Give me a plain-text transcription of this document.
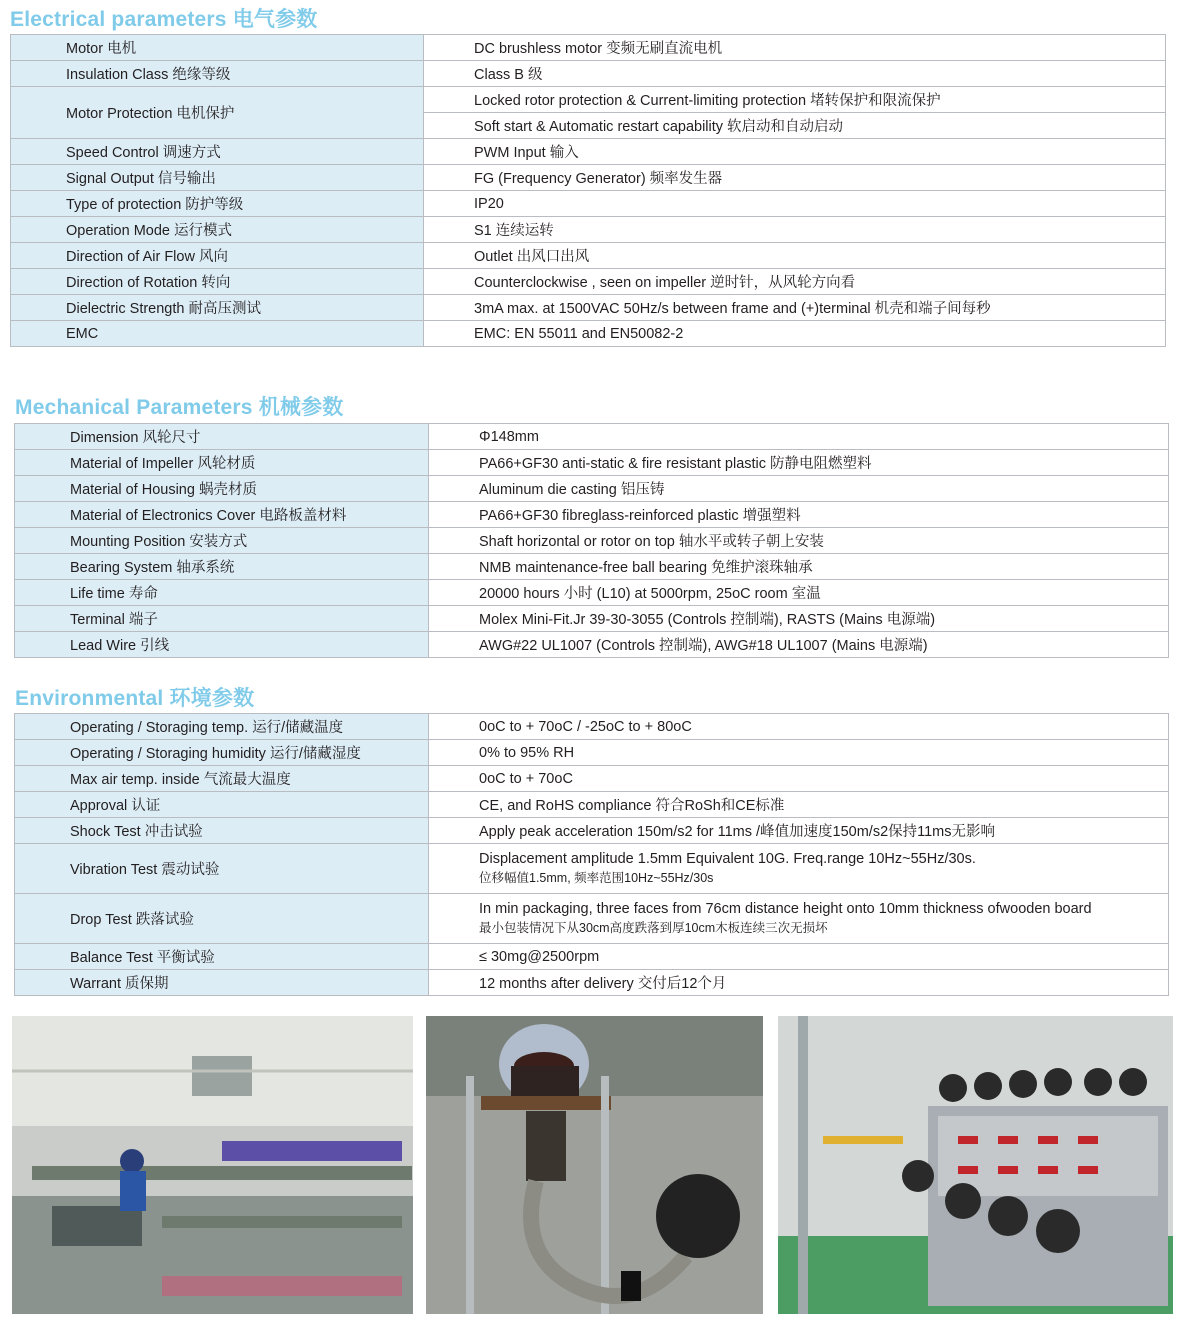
Electrical parameters 电气参数
Motor 电机	DC brushless motor 变频无刷直流电机
Insulation Class 绝缘等级	Class B 级
Motor Protection 电机保护	Locked rotor protection & Current-limiting protection 堵转保护和限流保护
	Soft start & Automatic restart capability 软启动和自动启动
Speed Control 调速方式	PWM Input 输入
Signal Output 信号输出	FG (Frequency Generator) 频率发生器
Type of protection 防护等级	IP20
Operation Mode 运行模式	S1 连续运转
Direction of Air Flow 风向	Outlet 出风口出风
Direction of Rotation 转向	Counterclockwise , seen on impeller 逆时针，从风轮方向看
Dielectric Strength 耐高压测试	3mA max. at 1500VAC 50Hz/s between frame and (+)terminal 机壳和端子间每秒
EMC	EMC: EN 55011 and EN50082-2
Mechanical Parameters 机械参数
Dimension 风轮尺寸	Φ148mm
Material of Impeller 风轮材质	PA66+GF30 anti-static & fire resistant plastic 防静电阻燃塑料
Material of Housing 蜗壳材质	Aluminum die casting 铝压铸
Material of Electronics Cover 电路板盖材料	PA66+GF30 fibreglass-reinforced plastic 增强塑料
Mounting Position 安装方式	Shaft horizontal or rotor on top 轴水平或转子朝上安装
Bearing System 轴承系统	NMB maintenance-free ball bearing 免维护滚珠轴承
Life time 寿命	20000 hours 小时 (L10) at 5000rpm, 25oC room 室温
Terminal 端子	Molex Mini-Fit.Jr 39-30-3055 (Controls 控制端), RASTS (Mains 电源端)
Lead Wire 引线	AWG#22 UL1007 (Controls 控制端), AWG#18 UL1007 (Mains 电源端)
Environmental 环境参数
Operating / Storaging temp. 运行/储藏温度	0oC to + 70oC / -25oC to + 80oC
Operating / Storaging humidity 运行/储藏湿度	0% to 95% RH
Max air temp. inside 气流最大温度	0oC to + 70oC
Approval 认证	CE, and RoHS compliance 符合RoSh和CE标准
Shock Test 冲击试验	Apply peak acceleration 150m/s2 for 11ms /峰值加速度150m/s2保持11ms无影响
Vibration Test 震动试验	Displacement amplitude 1.5mm Equivalent 10G. Freq.range 10Hz~55Hz/30s.
位移幅值1.5mm, 频率范围10Hz~55Hz/30s

Drop Test 跌落试验	In min packaging, three faces from 76cm distance height onto 10mm thickness ofwooden board
最小包装情况下从30cm高度跌落到厚10cm木板连续三次无损坏

Balance Test 平衡试验	≤ 30mg@2500rpm
Warrant 质保期	12 months after delivery 交付后12个月
